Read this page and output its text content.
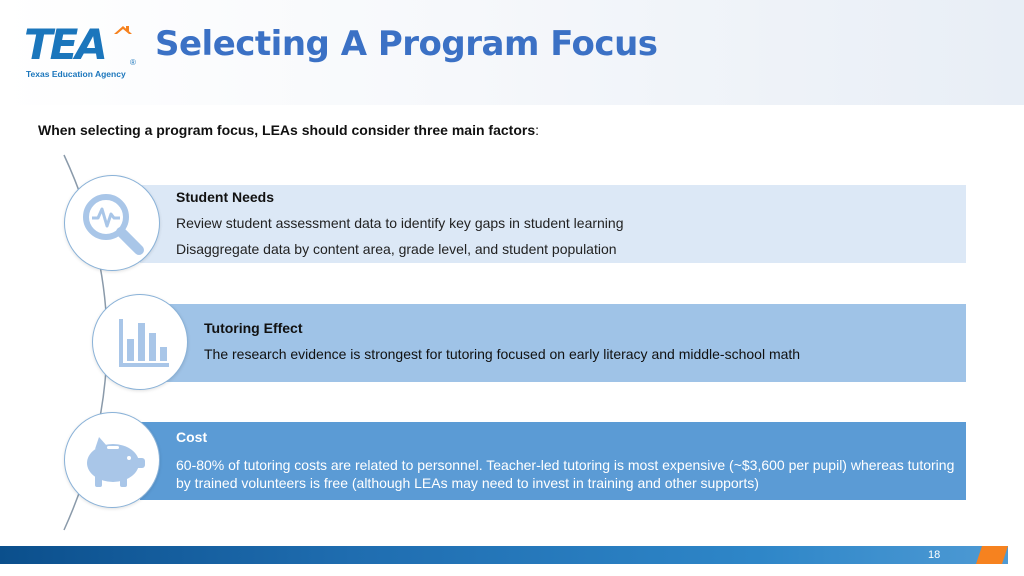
TEA	®
Texas Education Agency
Selecting A Program Focus
When selecting a program focus, LEAs should consider three main factors:
Student Needs
Review student assessment data to identify key gaps in student learning
Disaggregate data by content area, grade level, and student population
Tutoring Effect
The research evidence is strongest for tutoring focused on early literacy and middle-school math
Cost
60-80% of tutoring costs are related to personnel. Teacher-led tutoring is most expensive (~$3,600 per pupil) whereas tutoring by trained volunteers is free (although LEAs may need to invest in training and other supports)
18
